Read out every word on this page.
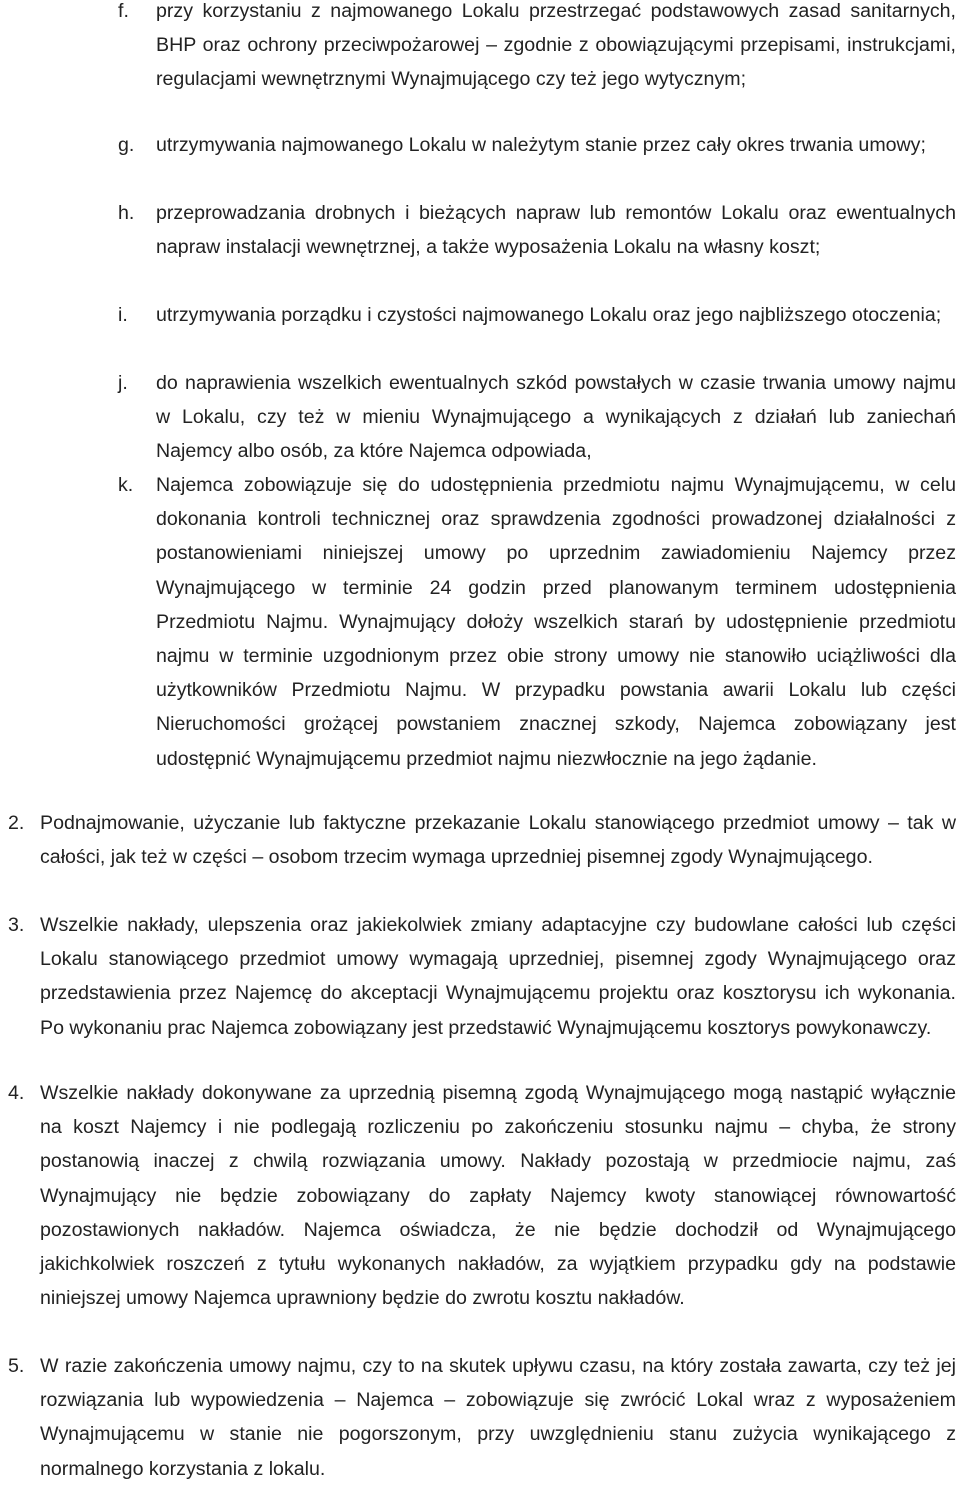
f. przy korzystaniu z najmowanego Lokalu przestrzegać podstawowych zasad sanitarnych, BHP oraz ochrony przeciwpożarowej – zgodnie z obowiązującymi przepisami, instrukcjami, regulacjami wewnętrznymi Wynajmującego czy też jego wytycznym;
g. utrzymywania najmowanego Lokalu w należytym stanie przez cały okres trwania umowy;
h. przeprowadzania drobnych i bieżących napraw lub remontów Lokalu oraz ewentualnych napraw instalacji wewnętrznej, a także wyposażenia Lokalu na własny koszt;
i. utrzymywania porządku i czystości najmowanego Lokalu oraz jego najbliższego otoczenia;
j. do naprawienia wszelkich ewentualnych szkód powstałych w czasie trwania umowy najmu w Lokalu, czy też w mieniu Wynajmującego a wynikających z działań lub zaniechań Najemcy albo osób, za które Najemca odpowiada,
k. Najemca zobowiązuje się do udostępnienia przedmiotu najmu Wynajmującemu, w celu dokonania kontroli technicznej oraz sprawdzenia zgodności prowadzonej działalności z postanowieniami niniejszej umowy po uprzednim zawiadomieniu Najemcy przez Wynajmującego w terminie 24 godzin przed planowanym terminem udostępnienia Przedmiotu Najmu. Wynajmujący dołoży wszelkich starań by udostępnienie przedmiotu najmu w terminie uzgodnionym przez obie strony umowy nie stanowiło uciążliwości dla użytkowników Przedmiotu Najmu. W przypadku powstania awarii Lokalu lub części Nieruchomości grożącej powstaniem znacznej szkody, Najemca zobowiązany jest udostępnić Wynajmującemu przedmiot najmu niezwłocznie na jego żądanie.
2. Podnajmowanie, użyczanie lub faktyczne przekazanie Lokalu stanowiącego przedmiot umowy – tak w całości, jak też w części – osobom trzecim wymaga uprzedniej pisemnej zgody Wynajmującego.
3. Wszelkie nakłady, ulepszenia oraz jakiekolwiek zmiany adaptacyjne czy budowlane całości lub części Lokalu stanowiącego przedmiot umowy wymagają uprzedniej, pisemnej zgody Wynajmującego oraz przedstawienia przez Najemcę do akceptacji Wynajmującemu projektu oraz kosztorysu ich wykonania. Po wykonaniu prac Najemca zobowiązany jest przedstawić Wynajmującemu kosztorys powykonawczy.
4. Wszelkie nakłady dokonywane za uprzednią pisemną zgodą Wynajmującego mogą nastąpić wyłącznie na koszt Najemcy i nie podlegają rozliczeniu po zakończeniu stosunku najmu – chyba, że strony postanowią inaczej z chwilą rozwiązania umowy. Nakłady pozostają w przedmiocie najmu, zaś Wynajmujący nie będzie zobowiązany do zapłaty Najemcy kwoty stanowiącej równowartość pozostawionych nakładów. Najemca oświadcza, że nie będzie dochodził od Wynajmującego jakichkolwiek roszczeń z tytułu wykonanych nakładów, za wyjątkiem przypadku gdy na podstawie niniejszej umowy Najemca uprawniony będzie do zwrotu kosztu nakładów.
5. W razie zakończenia umowy najmu, czy to na skutek upływu czasu, na który została zawarta, czy też jej rozwiązania lub wypowiedzenia – Najemca – zobowiązuje się zwrócić Lokal wraz z wyposażeniem Wynajmującemu w stanie nie pogorszonym, przy uwzględnieniu stanu zużycia wynikającego z normalnego korzystania z lokalu.
